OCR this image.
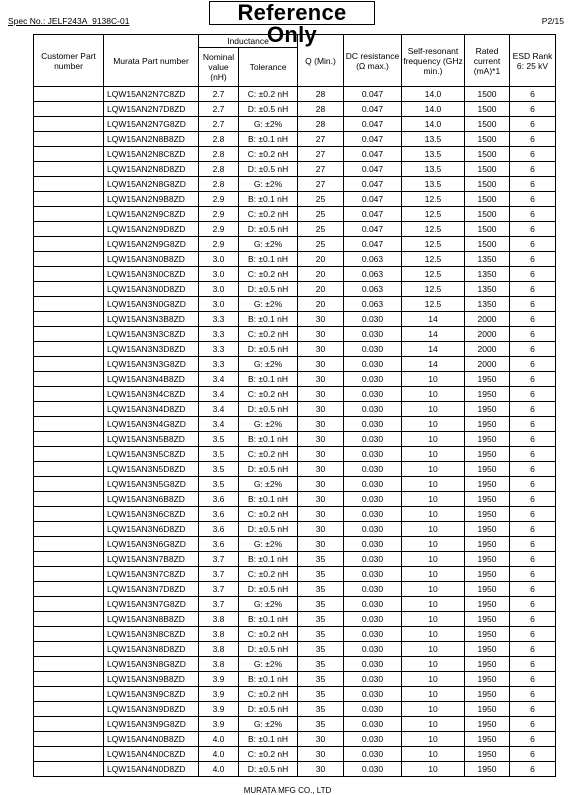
Spec No.: JELF243A_9138C-01	Reference Only
P2/15
Customer Part number	Murata Part number	Inductance		Q (Min.)	DC resistance (Ω max.)	Self-resonant frequency (GHz min.)	Rated current (mA)*1	ESD Rank 6: 25 kV
		Nominal value (nH)	Tolerance					
	LQW15AN2N7C8ZD	2.7	C: ±0.2 nH	28	0.047	14.0	1500	6
	LQW15AN2N7D8ZD	2.7	D: ±0.5 nH	28	0.047	14.0	1500	6
	LQW15AN2N7G8ZD	2.7	G: ±2%	28	0.047	14.0	1500	6
	LQW15AN2N8B8ZD	2.8	B: ±0.1 nH	27	0.047	13.5	1500	6
	LQW15AN2N8C8ZD	2.8	C: ±0.2 nH	27	0.047	13.5	1500	6
	LQW15AN2N8D8ZD	2.8	D: ±0.5 nH	27	0.047	13.5	1500	6
	LQW15AN2N8G8ZD	2.8	G: ±2%	27	0.047	13.5	1500	6
	LQW15AN2N9B8ZD	2.9	B: ±0.1 nH	25	0.047	12.5	1500	6
	LQW15AN2N9C8ZD	2.9	C: ±0.2 nH	25	0.047	12.5	1500	6
	LQW15AN2N9D8ZD	2.9	D: ±0.5 nH	25	0.047	12.5	1500	6
	LQW15AN2N9G8ZD	2.9	G: ±2%	25	0.047	12.5	1500	6
	LQW15AN3N0B8ZD	3.0	B: ±0.1 nH	20	0.063	12.5	1350	6
	LQW15AN3N0C8ZD	3.0	C: ±0.2 nH	20	0.063	12.5	1350	6
	LQW15AN3N0D8ZD	3.0	D: ±0.5 nH	20	0.063	12.5	1350	6
	LQW15AN3N0G8ZD	3.0	G: ±2%	20	0.063	12.5	1350	6
	LQW15AN3N3B8ZD	3.3	B: ±0.1 nH	30	0.030	14	2000	6
	LQW15AN3N3C8ZD	3.3	C: ±0.2 nH	30	0.030	14	2000	6
	LQW15AN3N3D8ZD	3.3	D: ±0.5 nH	30	0.030	14	2000	6
	LQW15AN3N3G8ZD	3.3	G: ±2%	30	0.030	14	2000	6
	LQW15AN3N4B8ZD	3.4	B: ±0.1 nH	30	0.030	10	1950	6
	LQW15AN3N4C8ZD	3.4	C: ±0.2 nH	30	0.030	10	1950	6
	LQW15AN3N4D8ZD	3.4	D: ±0.5 nH	30	0.030	10	1950	6
	LQW15AN3N4G8ZD	3.4	G: ±2%	30	0.030	10	1950	6
	LQW15AN3N5B8ZD	3.5	B: ±0.1 nH	30	0.030	10	1950	6
	LQW15AN3N5C8ZD	3.5	C: ±0.2 nH	30	0.030	10	1950	6
	LQW15AN3N5D8ZD	3.5	D: ±0.5 nH	30	0.030	10	1950	6
	LQW15AN3N5G8ZD	3.5	G: ±2%	30	0.030	10	1950	6
	LQW15AN3N6B8ZD	3.6	B: ±0.1 nH	30	0.030	10	1950	6
	LQW15AN3N6C8ZD	3.6	C: ±0.2 nH	30	0.030	10	1950	6
	LQW15AN3N6D8ZD	3.6	D: ±0.5 nH	30	0.030	10	1950	6
	LQW15AN3N6G8ZD	3.6	G: ±2%	30	0.030	10	1950	6
	LQW15AN3N7B8ZD	3.7	B: ±0.1 nH	35	0.030	10	1950	6
	LQW15AN3N7C8ZD	3.7	C: ±0.2 nH	35	0.030	10	1950	6
	LQW15AN3N7D8ZD	3.7	D: ±0.5 nH	35	0.030	10	1950	6
	LQW15AN3N7G8ZD	3.7	G: ±2%	35	0.030	10	1950	6
	LQW15AN3N8B8ZD	3.8	B: ±0.1 nH	35	0.030	10	1950	6
	LQW15AN3N8C8ZD	3.8	C: ±0.2 nH	35	0.030	10	1950	6
	LQW15AN3N8D8ZD	3.8	D: ±0.5 nH	35	0.030	10	1950	6
	LQW15AN3N8G8ZD	3.8	G: ±2%	35	0.030	10	1950	6
	LQW15AN3N9B8ZD	3.9	B: ±0.1 nH	35	0.030	10	1950	6
	LQW15AN3N9C8ZD	3.9	C: ±0.2 nH	35	0.030	10	1950	6
	LQW15AN3N9D8ZD	3.9	D: ±0.5 nH	35	0.030	10	1950	6
	LQW15AN3N9G8ZD	3.9	G: ±2%	35	0.030	10	1950	6
	LQW15AN4N0B8ZD	4.0	B: ±0.1 nH	30	0.030	10	1950	6
	LQW15AN4N0C8ZD	4.0	C: ±0.2 nH	30	0.030	10	1950	6
	LQW15AN4N0D8ZD	4.0	D: ±0.5 nH	30	0.030	10	1950	6
MURATA MFG CO., LTD
